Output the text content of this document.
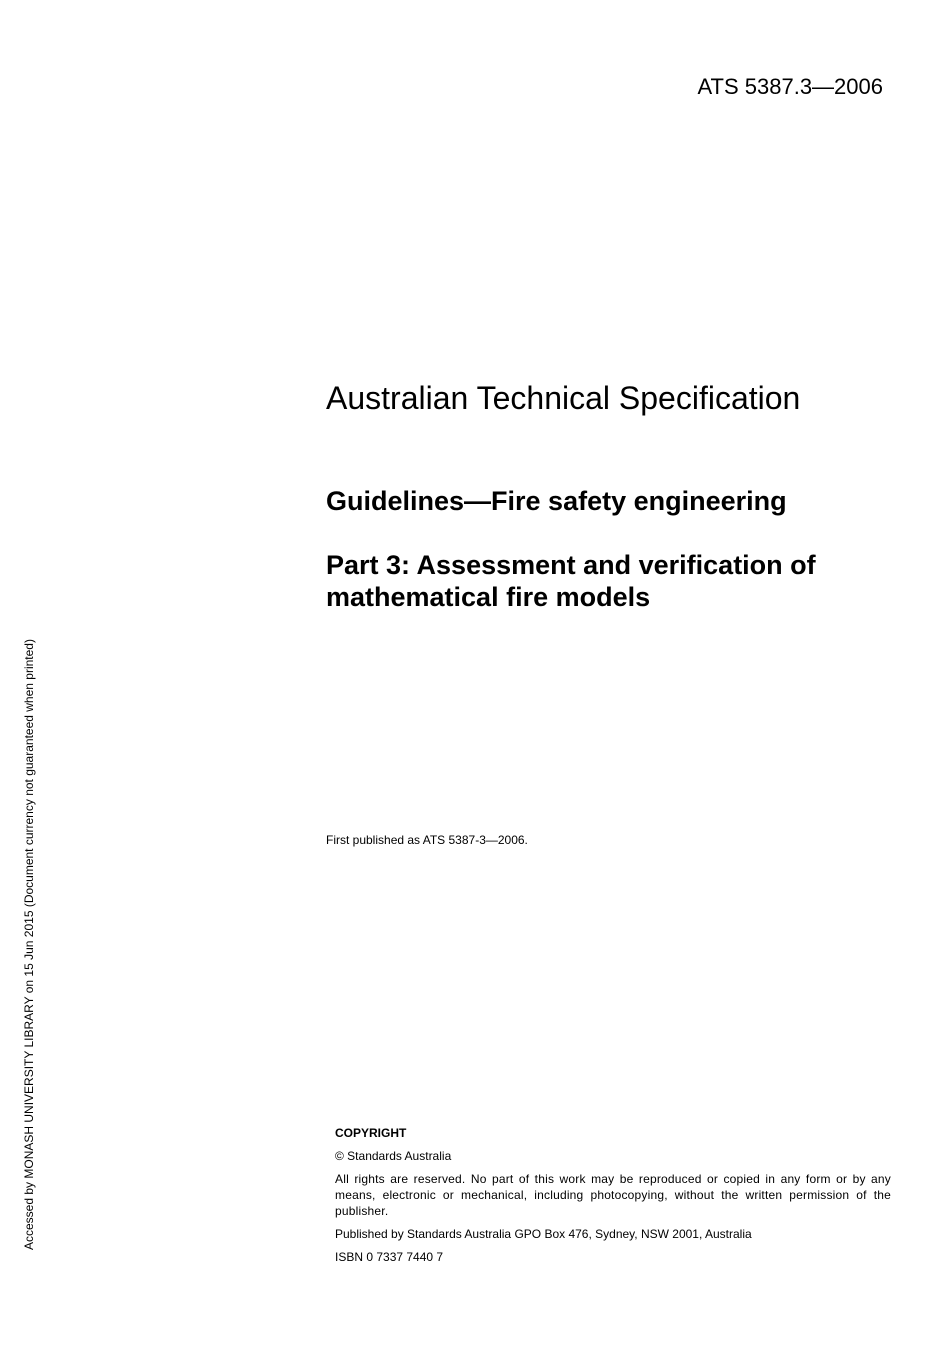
ATS 5387.3—2006
Australian Technical Specification
Guidelines—Fire safety engineering
Part 3: Assessment and verification of
mathematical fire models
First published as ATS 5387-3—2006.
Accessed by MONASH UNIVERSITY LIBRARY on 15 Jun 2015 (Document currency not guaranteed when printed)	COPYRIGHT

© Standards Australia

All rights are reserved. No part of this work may be reproduced or copied in any form or by any means, electronic or mechanical, including photocopying, without the written permission of the publisher.

Published by Standards Australia GPO Box 476, Sydney, NSW 2001, Australia

ISBN 0 7337 7440 7
